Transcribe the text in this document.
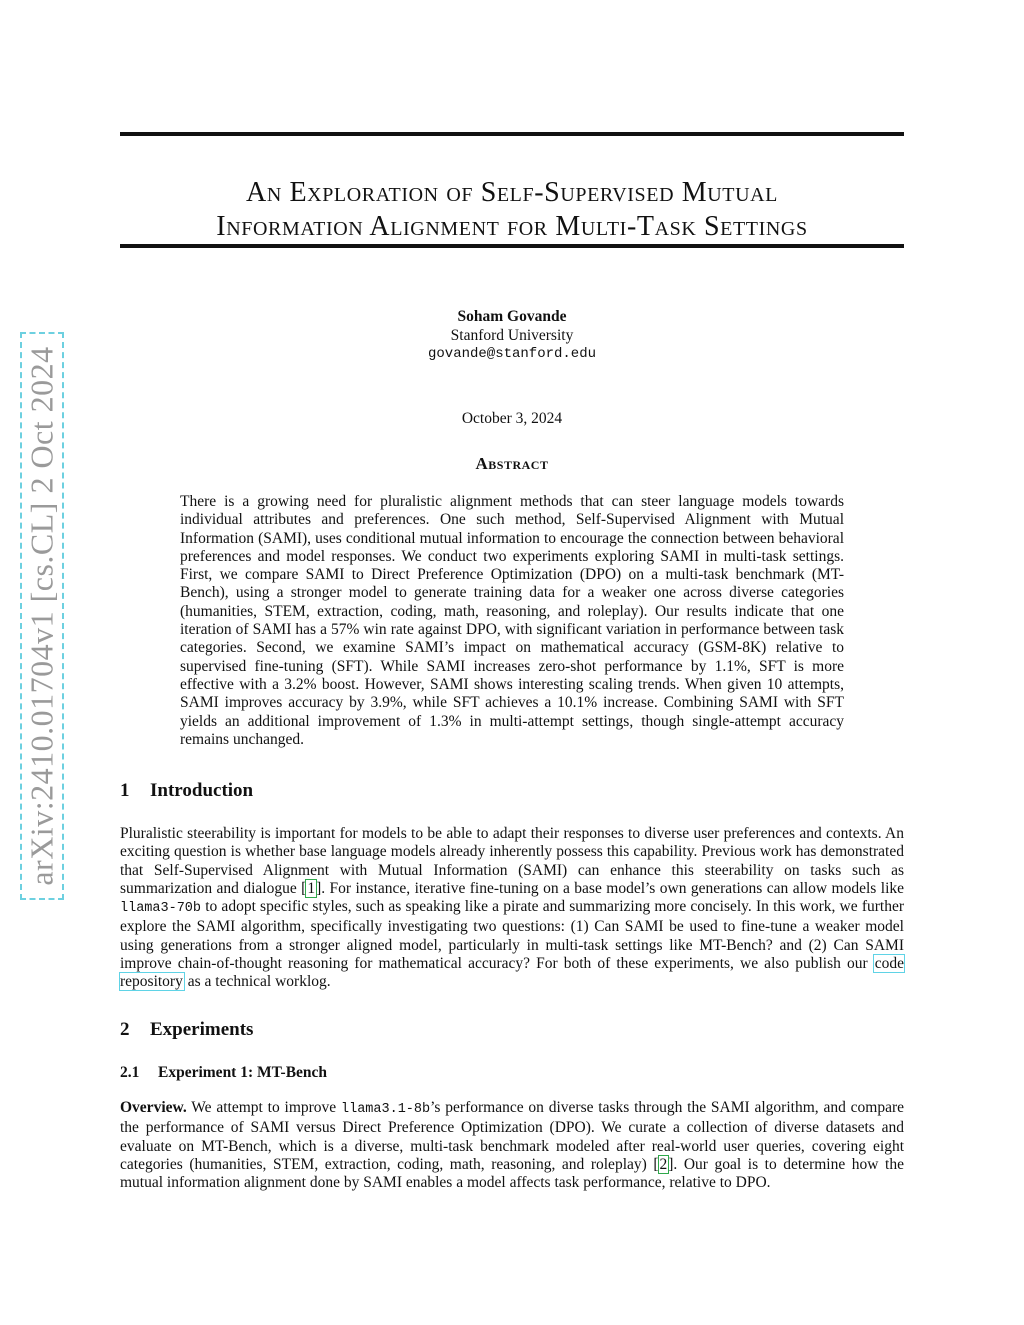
arXiv:2410.01704v1 [cs.CL] 2 Oct 2024
An Exploration of Self-Supervised Mutual
Information Alignment for Multi-Task Settings
Soham Govande
Stanford University
govande@stanford.edu
October 3, 2024
Abstract

There is a growing need for pluralistic alignment methods that can steer language models towards individual attributes and preferences. One such method, Self-Supervised Alignment with Mutual Information (SAMI), uses conditional mutual information to encourage the connection between behavioral preferences and model responses. We conduct two experiments exploring SAMI in multi-task settings. First, we compare SAMI to Direct Preference Optimization (DPO) on a multi-task benchmark (MT-Bench), using a stronger model to generate training data for a weaker one across diverse categories (humanities, STEM, extraction, coding, math, reasoning, and roleplay). Our results indicate that one iteration of SAMI has a 57% win rate against DPO, with significant variation in performance between task categories. Second, we examine SAMI’s impact on mathematical accuracy (GSM-8K) relative to supervised fine-tuning (SFT). While SAMI increases zero-shot performance by 1.1%, SFT is more effective with a 3.2% boost. However, SAMI shows interesting scaling trends. When given 10 attempts, SAMI improves accuracy by 3.9%, while SFT achieves a 10.1% increase. Combining SAMI with SFT yields an additional improvement of 1.3% in multi-attempt settings, though single-attempt accuracy remains unchanged.

1 Introduction

Pluralistic steerability is important for models to be able to adapt their responses to diverse user preferences and contexts. An exciting question is whether base language models already inherently possess this capability. Previous work has demonstrated that Self-Supervised Alignment with Mutual Information (SAMI) can enhance this steerability on tasks such as summarization and dialogue [1]. For instance, iterative fine-tuning on a base model’s own generations can allow models like llama3-70b to adopt specific styles, such as speaking like a pirate and summarizing more concisely. In this work, we further explore the SAMI algorithm, specifically investigating two questions: (1) Can SAMI be used to fine-tune a weaker model using generations from a stronger aligned model, particularly in multi-task settings like MT-Bench? and (2) Can SAMI improve chain-of-thought reasoning for mathematical accuracy? For both of these experiments, we also publish our code repository as a technical worklog.

2 Experiments
2.1 Experiment 1: MT-Bench

Overview. We attempt to improve llama3.1-8b’s performance on diverse tasks through the SAMI algorithm, and compare the performance of SAMI versus Direct Preference Optimization (DPO). We curate a collection of diverse datasets and evaluate on MT-Bench, which is a diverse, multi-task benchmark modeled after real-world user queries, covering eight categories (humanities, STEM, extraction, coding, math, reasoning, and roleplay) [2]. Our goal is to determine how the mutual information alignment done by SAMI enables a model affects task performance, relative to DPO.
